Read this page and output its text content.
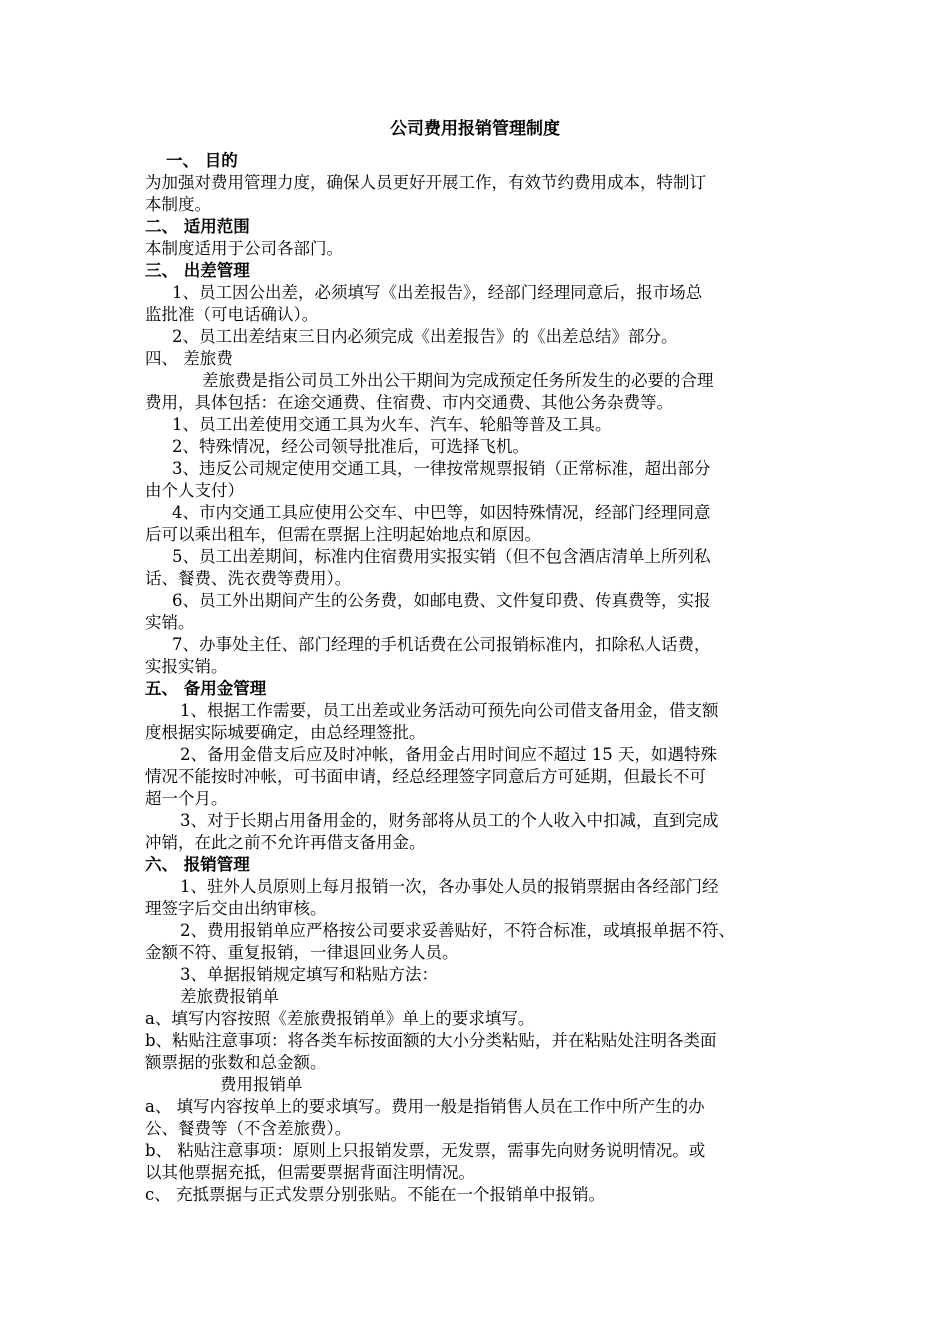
公司费用报销管理制度
一、 目的
为加强对费用管理力度，确保人员更好开展工作，有效节约费用成本，特制订
本制度。
二、 适用范围
本制度适用于公司各部门。
三、 出差管理
1、员工因公出差，必须填写《出差报告》，经部门经理同意后，报市场总
监批准（可电话确认）。
2、员工出差结束三日内必须完成《出差报告》的《出差总结》部分。
四、 差旅费
差旅费是指公司员工外出公干期间为完成预定任务所发生的必要的合理
费用，具体包括：在途交通费、住宿费、市内交通费、其他公务杂费等。
1、员工出差使用交通工具为火车、汽车、轮船等普及工具。
2、特殊情况，经公司领导批准后，可选择飞机。
3、违反公司规定使用交通工具，一律按常规票报销（正常标准，超出部分
由个人支付）
4、市内交通工具应使用公交车、中巴等，如因特殊情况，经部门经理同意
后可以乘出租车，但需在票据上注明起始地点和原因。
5、员工出差期间，标准内住宿费用实报实销（但不包含酒店清单上所列私
话、餐费、洗衣费等费用）。
6、员工外出期间产生的公务费，如邮电费、文件复印费、传真费等，实报
实销。
7、办事处主任、部门经理的手机话费在公司报销标准内，扣除私人话费，
实报实销。
五、 备用金管理
1、根据工作需要，员工出差或业务活动可预先向公司借支备用金，借支额
度根据实际城要确定，由总经理签批。
2、备用金借支后应及时冲帐，备用金占用时间应不超过 15 天，如遇特殊
情况不能按时冲帐，可书面申请，经总经理签字同意后方可延期，但最长不可
超一个月。
3、对于长期占用备用金的，财务部将从员工的个人收入中扣减，直到完成
冲销，在此之前不允许再借支备用金。
六、 报销管理
1、驻外人员原则上每月报销一次，各办事处人员的报销票据由各经部门经
理签字后交由出纳审核。
2、费用报销单应严格按公司要求妥善贴好，不符合标准，或填报单据不符、
金额不符、重复报销，一律退回业务人员。
3、单据报销规定填写和粘贴方法：
差旅费报销单
a、填写内容按照《差旅费报销单》单上的要求填写。
b、粘贴注意事项：将各类车标按面额的大小分类粘贴，并在粘贴处注明各类面
额票据的张数和总金额。
费用报销单
a、 填写内容按单上的要求填写。费用一般是指销售人员在工作中所产生的办
公、餐费等（不含差旅费）。
b、 粘贴注意事项：原则上只报销发票，无发票，需事先向财务说明情况。或
以其他票据充抵，但需要票据背面注明情况。
c、 充抵票据与正式发票分别张贴。不能在一个报销单中报销。
